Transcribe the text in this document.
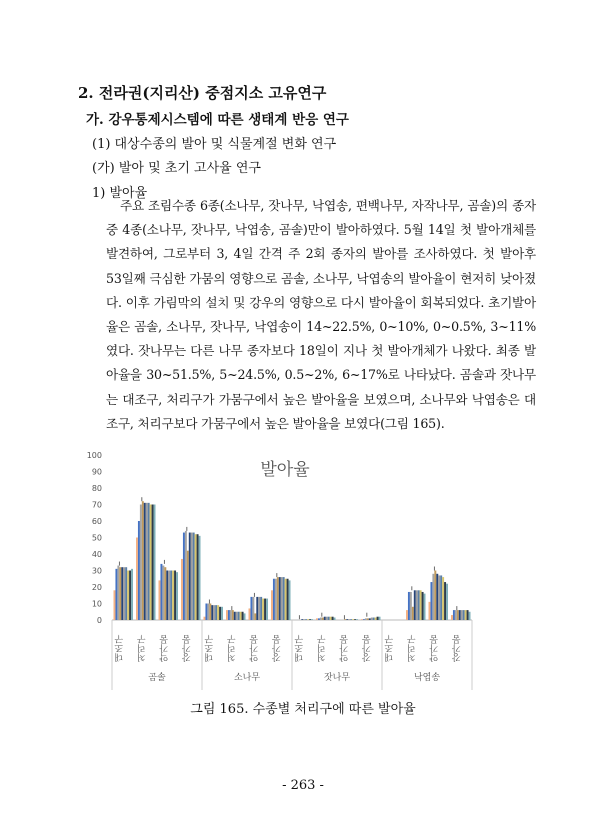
2. 전라권(지리산) 중점지소 고유연구
가. 강우통제시스템에 따른 생태계 반응 연구
(1) 대상수종의 발아 및 식물계절 변화 연구
(가) 발아 및 초기 고사율 연구
1) 발아율
주요 조림수종 6종(소나무, 잣나무, 낙엽송, 편백나무, 자작나무, 곰솔)의 종자 중 4종(소나무, 잣나무, 낙엽송, 곰솔)만이 발아하였다. 5월 14일 첫 발아개체를 발견하여, 그로부터 3, 4일 간격 주 2회 종자의 발아를 조사하였다. 첫 발아후 53일째 극심한 가뭄의 영향으로 곰솔, 소나무, 낙엽송의 발아율이 현저히 낮아졌다. 이후 가림막의 설치 및 강우의 영향으로 다시 발아율이 회복되었다. 초기발아율은 곰솔, 소나무, 잣나무, 낙엽송이 14~22.5%, 0~10%, 0~0.5%, 3~11%였다. 잣나무는 다른 나무 종자보다 18일이 지나 첫 발아개체가 나왔다. 최종 발아율을 30~51.5%, 5~24.5%, 0.5~2%, 6~17%로 나타났다. 곰솔과 잣나무는 대조구, 처리구가 가뭄구에서 높은 발아율을 보였으며, 소나무와 낙엽송은 대조구, 처리구보다 가뭄구에서 높은 발아율을 보였다(그림 165).
발아율
0
10
20
30
40
50
60
70
80
90
100
대조구 처리구 약가뭄 강가뭄
곰솔
대조구 처리구 약가뭄 강가뭄
소나무
대조구 처리구 약가뭄 강가뭄
잣나무
대조구 처리구 약가뭄 강가뭄
낙엽송
그림 165. 수종별 처리구에 따른 발아율
- 263 -
